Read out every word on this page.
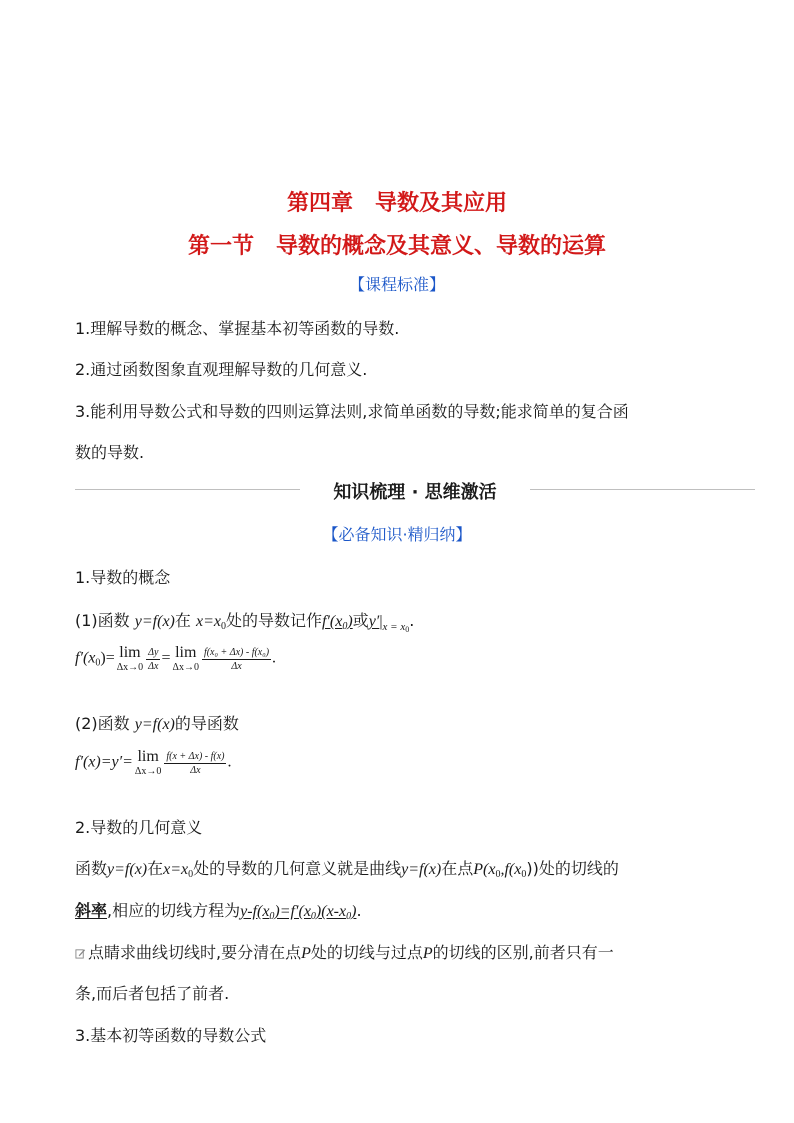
第四章　导数及其应用
第一节　导数的概念及其意义、导数的运算
【课程标准】
1.理解导数的概念、掌握基本初等函数的导数.
2.通过函数图象直观理解导数的几何意义.
3.能利用导数公式和导数的四则运算法则,求简单函数的导数;能求简单的复合函
数的导数.
知识梳理 · 思维激活
【必备知识·精归纳】
1.导数的概念
(1)函数 y=f(x)在 $x=x_0$处的导数记作$f'(x_0)$或$y'|_{x = x0}$.
$f'(x_0)= \lim$
$\Delta x\to 0 \frac{\Delta y}{\Delta x} = \lim$
$\Delta x\to 0 \frac{\text{f(x₀ + Δx) - f(x₀)}}{\Delta x}$ .
(2)函数 y=f(x)的导函数
f′(x)=y′= lim
$\Delta x\to 0 \frac{f(x + \Delta x) - f(x)}{\Delta x}$ .
2.导数的几何意义
函数y=f(x)在$x=x_0$处的导数的几何意义就是曲线y=f(x)在点$P(x_0,f(x_0))$处的切线的
斜率,相应的切线方程为$y-f(x_0)=f'(x_0)(x-x_0)$.
点睛求曲线切线时,要分清在点P处的切线与过点P的切线的区别,前者只有一
条,而后者包括了前者.
3.基本初等函数的导数公式
